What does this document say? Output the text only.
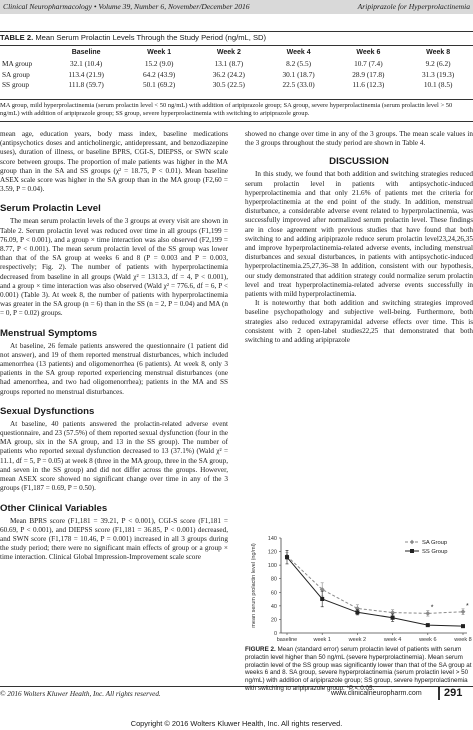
Clinical Neuropharmacology • Volume 39, Number 6, November/December 2016	Aripiprazole for Hyperprolactinemia
TABLE 2. Mean Serum Prolactin Levels Through the Study Period (ng/mL, SD)
	Baseline	Week 1	Week 2	Week 4	Week 6	Week 8
MA group	32.1 (10.4)	15.2 (9.0)	13.1 (8.7)	8.2 (5.5)	10.7 (7.4)	9.2 (6.2)
SA group	113.4 (21.9)	64.2 (43.9)	36.2 (24.2)	30.1 (18.7)	28.9 (17.8)	31.3 (19.3)
SS group	111.8 (59.7)	50.1 (69.2)	30.5 (22.5)	22.5 (33.0)	11.6 (12.3)	10.1 (8.5)
MA group, mild hyperprolactinemia (serum prolactin level < 50 ng/mL) with addition of aripiprazole group; SA group, severe hyperprolactinemia (serum prolactin level > 50 ng/mL) with addition of aripiprazole group; SS group, severe hyperprolactinemia with switching to aripiprazole group.

mean age, education years, body mass index, baseline medications (antipsychotics doses and anticholinergic, antidepressant, and benzodiazepine uses), duration of illness, or baseline BPRS, CGI-S, DIEPSS, or SWN scale score between groups. The proportion of male patients was higher in the MA group than in the SA and SS groups (χ² = 18.75, P < 0.01). Mean baseline ASEX scale score was higher in the SA group than in the MA group (F2,60 = 3.59, P = 0.04).

Serum Prolactin Level

The mean serum prolactin levels of the 3 groups at every visit are shown in Table 2. Serum prolactin level was reduced over time in all groups (F1,199 = 76.09, P < 0.001), and a group × time interaction was also observed (F2,199 = 8.77, P < 0.001). The mean serum prolactin level of the SS group was lower than that of the SA group at weeks 6 and 8 (P = 0.003 and P = 0.003, respectively; Fig. 2). The number of patients with hyperprolactinemia decreased from baseline in all groups (Wald χ² = 1313.3, df = 4, P < 0.001), and a group × time interaction was also observed (Wald χ² = 776.6, df = 6, P < 0.001) (Table 3). At week 8, the number of patients with hyperprolactinemia was greater in the SA group (n = 6) than in the SS (n = 2, P = 0.04) and MA (n = 0, P = 0.02) groups.

Menstrual Symptoms

At baseline, 26 female patients answered the questionnaire (1 patient did not answer), and 19 of them reported menstrual disturbances, which included amenorrhea (13 patients) and oligomenorrhea (6 patients). At week 8, only 3 patients in the SA group reported experiencing menstrual disturbances (one had amenorrhea, and two had oligomenorrhea); patients in the MA and SS groups reported no menstrual disturbances.

Sexual Dysfunctions

At baseline, 40 patients answered the prolactin-related adverse event questionnaire, and 23 (57.5%) of them reported sexual dysfunction (four in the MA group, six in the SA group, and 13 in the SS group). The number of patients who reported sexual dysfunction decreased to 13 (37.1%) (Wald χ² = 11.1, df = 5, P = 0.05) at week 8 (three in the MA group, three in the SA group, and seven in the SS group) and did not differ across the groups. However, mean ASEX score showed no significant change over time in any of the 3 groups (F1,187 = 0.69, P = 0.50).

Other Clinical Variables

Mean BPRS score (F1,181 = 39.21, P < 0.001), CGI-S score (F1,181 = 60.69, P < 0.001), and DIEPSS score (F1,181 = 36.85, P < 0.001) decreased, and SWN score (F1,178 = 10.46, P = 0.001) increased in all 3 groups during the study period; there were no significant main effects of group or a group × time interaction. Clinical Global Impression-Improvement scale score

showed no change over time in any of the 3 groups. The mean scale values in the 3 groups throughout the study period are shown in Table 4.

DISCUSSION

In this study, we found that both addition and switching strategies reduced serum prolactin level in patients with antipsychotic-induced hyperprolactinemia and that only 21.6% of patients met the criteria for hyperprolactinemia at the end point of the study. In addition, menstrual disturbance, a considerable adverse event related to hyperprolactinemia, was successfully improved after normalized serum prolactin level. These findings are in close agreement with previous studies that have found that both switching to and adding aripiprazole reduce serum prolactin level23,24,26,35 and improve hyperprolactinemia-related adverse events, including menstrual disturbances and sexual disturbances, in patients with antipsychotic-induced hyperprolactinemia.25,27,36–38 In addition, consistent with our hypothesis, our study demonstrated that addition strategy could normalize serum prolactin level and treat hyperprolactinemia-related adverse events successfully in patients with mild hyperprolactinemia.

It is noteworthy that both addition and switching strategies improved baseline psychopathology and subjective well-being. Furthermore, both strategies also reduced extrapyramidal adverse effects over time. This is consistent with 2 open-label studies22,25 that demonstrated that both switching to and adding aripiprazole

0
20
40
60
80
100
120
140
baseline	week 1	week 2	week 4	week 6	week 8
mean serum prolactin level (ng/ml)	*	*
SA Group
SS Group
FIGURE 2. Mean (standard error) serum prolactin level of patients with serum prolactin level higher than 50 ng/mL (severe hyperprolactinemia). Mean serum prolactin level of the SS group was significantly lower than that of the SA group at weeks 6 and 8. SA group, severe hyperprolactinemia (serum prolactin level > 50 ng/mL) with addition of aripiprazole group; SS group, severe hyperprolactinemia with switching to aripiprazole group. *P < 0.05.
© 2016 Wolters Kluwer Health, Inc. All rights reserved.	www.clinicalneuropharm.com 291
Copyright © 2016 Wolters Kluwer Health, Inc. All rights reserved.
